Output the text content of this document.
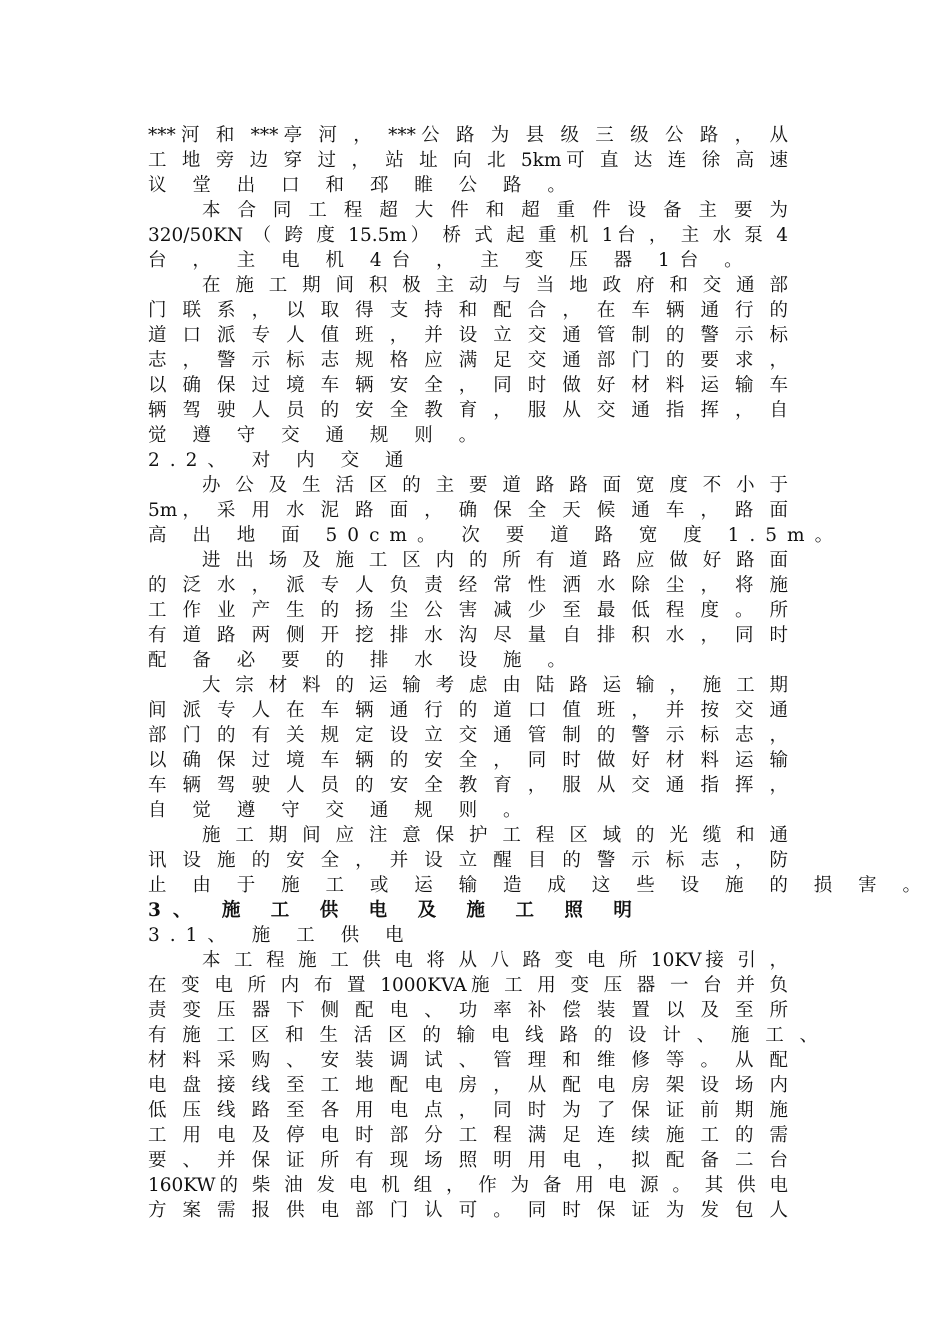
***河 和 ***亭 河 ， ***公 路 为 县 级 三 级 公 路 ， 从
工 地 旁 边 穿 过 ， 站 址 向 北 5km可 直 达 连 徐 高 速
议 堂 出 口 和 邳 睢 公 路 。
本 合 同 工 程 超 大 件 和 超 重 件 设 备 主 要 为
320/50KN （ 跨 度 15.5m） 桥 式 起 重 机 1台 ， 主 水 泵 4
台 ， 主 电 机 4台 ， 主 变 压 器 1台 。
在 施 工 期 间 积 极 主 动 与 当 地 政 府 和 交 通 部
门 联 系 ， 以 取 得 支 持 和 配 合 ， 在 车 辆 通 行 的
道 口 派 专 人 值 班 ， 并 设 立 交 通 管 制 的 警 示 标
志 ， 警 示 标 志 规 格 应 满 足 交 通 部 门 的 要 求 ，
以 确 保 过 境 车 辆 安 全 ， 同 时 做 好 材 料 运 输 车
辆 驾 驶 人 员 的 安 全 教 育 ， 服 从 交 通 指 挥 ， 自
觉 遵 守 交 通 规 则 。
2.2、 对 内 交 通
办 公 及 生 活 区 的 主 要 道 路 路 面 宽 度 不 小 于
5m， 采 用 水 泥 路 面 ， 确 保 全 天 候 通 车 ， 路 面
高 出 地 面 50cm。 次 要 道 路 宽 度 1.5m。
进 出 场 及 施 工 区 内 的 所 有 道 路 应 做 好 路 面
的 泛 水 ， 派 专 人 负 责 经 常 性 洒 水 除 尘 ， 将 施
工 作 业 产 生 的 扬 尘 公 害 减 少 至 最 低 程 度 。 所
有 道 路 两 侧 开 挖 排 水 沟 尽 量 自 排 积 水 ， 同 时
配 备 必 要 的 排 水 设 施 。
大 宗 材 料 的 运 输 考 虑 由 陆 路 运 输 ， 施 工 期
间 派 专 人 在 车 辆 通 行 的 道 口 值 班 ， 并 按 交 通
部 门 的 有 关 规 定 设 立 交 通 管 制 的 警 示 标 志 ，
以 确 保 过 境 车 辆 的 安 全 ， 同 时 做 好 材 料 运 输
车 辆 驾 驶 人 员 的 安 全 教 育 ， 服 从 交 通 指 挥 ，
自 觉 遵 守 交 通 规 则 。
施 工 期 间 应 注 意 保 护 工 程 区 域 的 光 缆 和 通
讯 设 施 的 安 全 ， 并 设 立 醒 目 的 警 示 标 志 ， 防
止 由 于 施 工 或 运 输 造 成 这 些 设 施 的 损 害 。
3、 施 工 供 电 及 施 工 照 明
3.1、 施 工 供 电
本 工 程 施 工 供 电 将 从 八 路 变 电 所 10KV接 引 ，
在 变 电 所 内 布 置 1000KVA施 工 用 变 压 器 一 台 并 负
责 变 压 器 下 侧 配 电 、 功 率 补 偿 装 置 以 及 至 所
有 施 工 区 和 生 活 区 的 输 电 线 路 的 设 计 、 施 工 、
材 料 采 购 、 安 装 调 试 、 管 理 和 维 修 等 。 从 配
电 盘 接 线 至 工 地 配 电 房 ， 从 配 电 房 架 设 场 内
低 压 线 路 至 各 用 电 点 ， 同 时 为 了 保 证 前 期 施
工 用 电 及 停 电 时 部 分 工 程 满 足 连 续 施 工 的 需
要 、 并 保 证 所 有 现 场 照 明 用 电 ， 拟 配 备 二 台
160KW的 柴 油 发 电 机 组 ， 作 为 备 用 电 源 。 其 供 电
方 案 需 报 供 电 部 门 认 可 。 同 时 保 证 为 发 包 人
